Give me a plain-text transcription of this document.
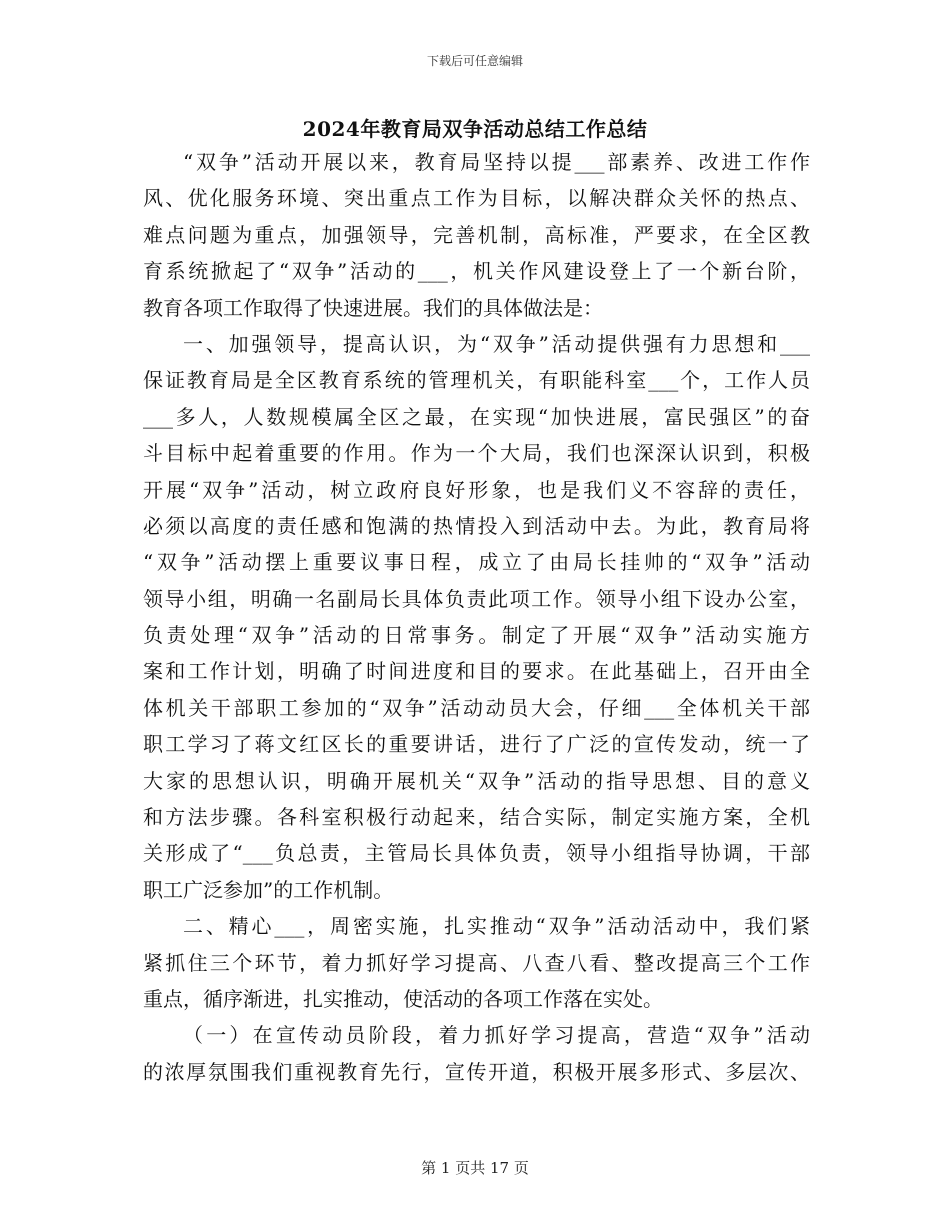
下载后可任意编辑
2024年教育局双争活动总结工作总结
“双争”活动开展以来，教育局坚持以提___部素养、改进工作作
风、优化服务环境、突出重点工作为目标，以解决群众关怀的热点、
难点问题为重点，加强领导，完善机制，高标准，严要求，在全区教
育系统掀起了“双争”活动的___，机关作风建设登上了一个新台阶，
教育各项工作取得了快速进展。我们的具体做法是：
一、加强领导，提高认识，为“双争”活动提供强有力思想和___
保证教育局是全区教育系统的管理机关，有职能科室___个，工作人员
___多人，人数规模属全区之最，在实现“加快进展，富民强区”的奋
斗目标中起着重要的作用。作为一个大局，我们也深深认识到，积极
开展“双争”活动，树立政府良好形象，也是我们义不容辞的责任，
必须以高度的责任感和饱满的热情投入到活动中去。为此，教育局将
“双争”活动摆上重要议事日程，成立了由局长挂帅的“双争”活动
领导小组，明确一名副局长具体负责此项工作。领导小组下设办公室，
负责处理“双争”活动的日常事务。制定了开展“双争”活动实施方
案和工作计划，明确了时间进度和目的要求。在此基础上，召开由全
体机关干部职工参加的“双争”活动动员大会，仔细___全体机关干部
职工学习了蒋文红区长的重要讲话，进行了广泛的宣传发动，统一了
大家的思想认识，明确开展机关“双争”活动的指导思想、目的意义
和方法步骤。各科室积极行动起来，结合实际，制定实施方案，全机
关形成了“___负总责，主管局长具体负责，领导小组指导协调，干部
职工广泛参加”的工作机制。
二、精心___，周密实施，扎实推动“双争”活动活动中，我们紧
紧抓住三个环节，着力抓好学习提高、八查八看、整改提高三个工作
重点，循序渐进，扎实推动，使活动的各项工作落在实处。
（一）在宣传动员阶段，着力抓好学习提高，营造“双争”活动
的浓厚氛围我们重视教育先行，宣传开道，积极开展多形式、多层次、
第 1 页共 17 页
